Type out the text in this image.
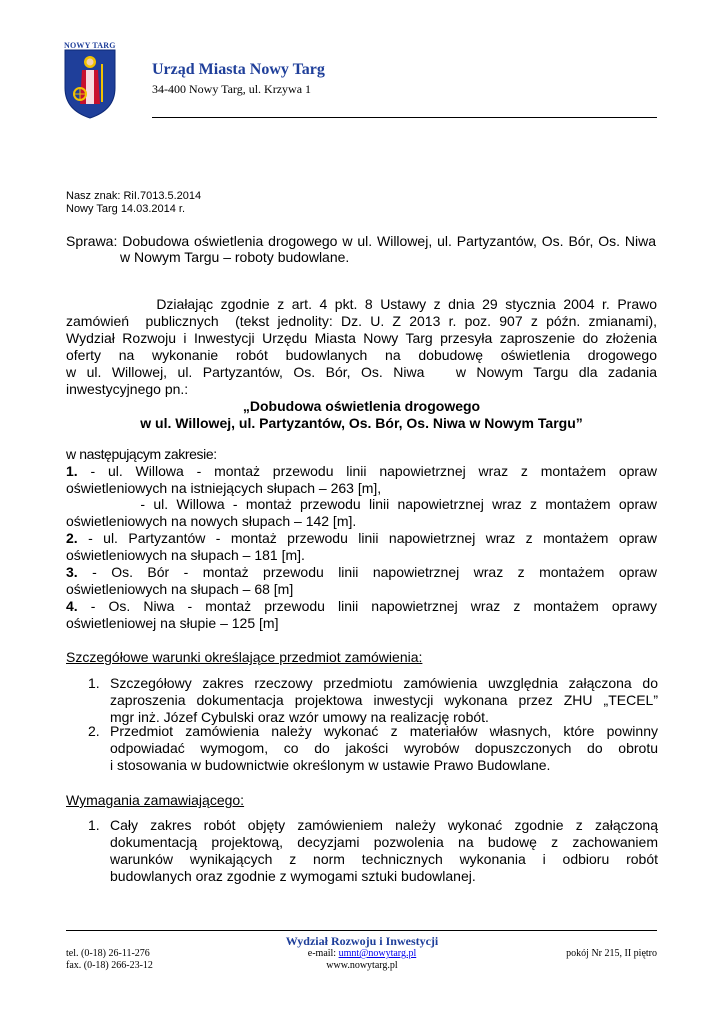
NOWY TARG
Urząd Miasta Nowy Targ
34-400 Nowy Targ, ul. Krzywa 1
Nasz znak: RiI.7013.5.2014
Nowy Targ 14.03.2014 r.
Sprawa: Dobudowa oświetlenia drogowego w ul. Willowej, ul. Partyzantów, Os. Bór, Os. Niwa
w Nowym Targu – roboty budowlane.
Działając zgodnie z art. 4 pkt. 8 Ustawy z dnia 29 stycznia 2004 r. Prawo
zamówień  publicznych  (tekst jednolity: Dz. U. Z 2013 r. poz. 907 z późn. zmianami),
Wydział Rozwoju i Inwestycji Urzędu Miasta Nowy Targ przesyła zaproszenie do złożenia
oferty na wykonanie robót budowlanych na dobudowę oświetlenia drogowego
w ul. Willowej, ul. Partyzantów, Os. Bór, Os. Niwa   w Nowym Targu dla zadania
inwestycyjnego pn.:
„Dobudowa oświetlenia drogowego
w ul. Willowej, ul. Partyzantów, Os. Bór, Os. Niwa w Nowym Targu”
w następującym zakresie:
1. - ul. Willowa - montaż przewodu linii napowietrznej wraz z montażem opraw
oświetleniowych na istniejących słupach – 263 [m],
- ul. Willowa - montaż przewodu linii napowietrznej wraz z montażem opraw
oświetleniowych na nowych słupach – 142 [m].
2. - ul. Partyzantów - montaż przewodu linii napowietrznej wraz z montażem opraw
oświetleniowych na słupach – 181 [m].
3. - Os. Bór - montaż przewodu linii napowietrznej wraz z montażem opraw
oświetleniowych na słupach – 68 [m]
4. - Os. Niwa - montaż przewodu linii napowietrznej wraz z montażem oprawy
oświetleniowej na słupie – 125 [m]
Szczegółowe warunki określające przedmiot zamówienia:
1. Szczegółowy zakres rzeczowy przedmiotu zamówienia uwzględnia załączona do
zaproszenia dokumentacja projektowa inwestycji wykonana przez ZHU „TECEL”
mgr inż. Józef Cybulski oraz wzór umowy na realizację robót.
2. Przedmiot zamówienia należy wykonać z materiałów własnych, które powinny
odpowiadać wymogom, co do jakości wyrobów dopuszczonych do obrotu
i stosowania w budownictwie określonym w ustawie Prawo Budowlane.
Wymagania zamawiającego:
1. Cały zakres robót objęty zamówieniem należy wykonać zgodnie z załączoną
dokumentacją projektową, decyzjami pozwolenia na budowę z zachowaniem
warunków wynikających z norm technicznych wykonania i odbioru robót
budowlanych oraz zgodnie z wymogami sztuki budowlanej.
Wydział Rozwoju i Inwestycji
tel. (0-18) 26-11-276
fax. (0-18) 266-23-12
e-mail: umnt@nowytarg.pl
www.nowytarg.pl
pokój Nr 215, II piętro
